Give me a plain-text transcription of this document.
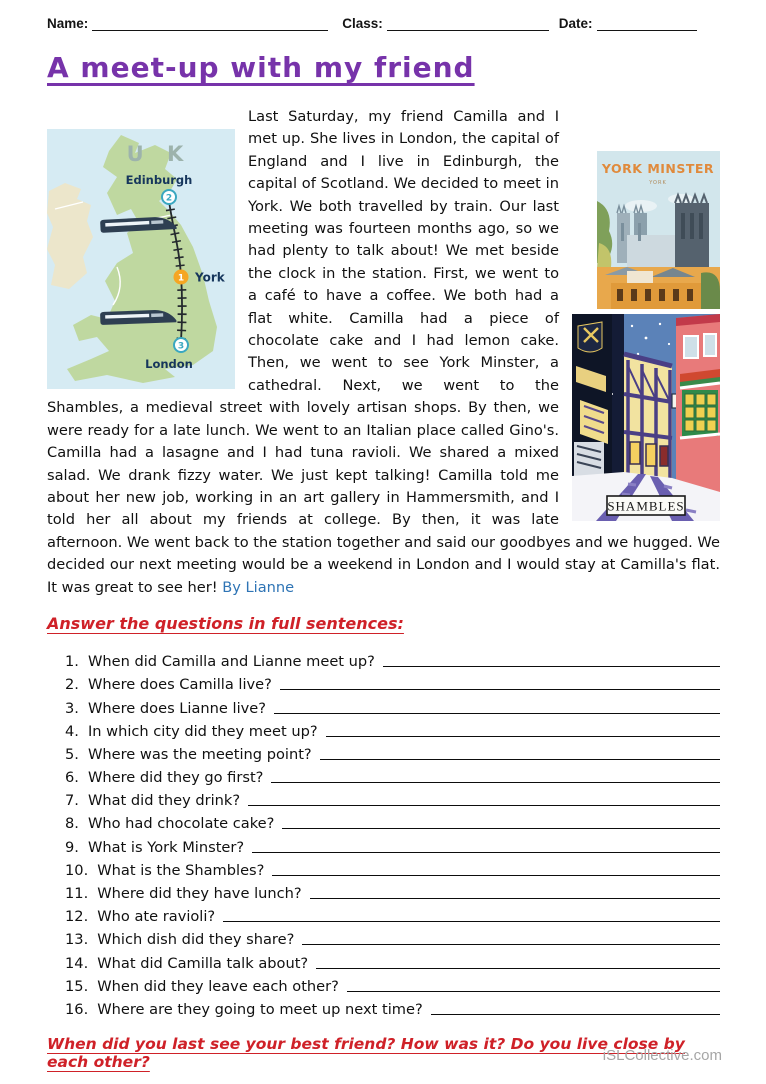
Name:	Class:	Date:
A meet-up with my friend
U K
Edinburgh
2
1 York
3
London
YORK MINSTER
YORK
SHAMBLES
Last Saturday, my friend Camilla and I met up. She lives in London, the capital of England and I live in Edinburgh, the capital of Scotland. We decided to meet in York. We both travelled by train. Our last meeting was fourteen months ago, so we had plenty to talk about! We met beside the clock in the station. First, we went to a café to have a coffee. We both had a flat white. Camilla had a piece of chocolate cake and I had lemon cake. Then, we went to see York Minster, a cathedral. Next, we went to the Shambles, a medieval street with lovely artisan shops. By then, we were ready for a late lunch. We went to an Italian place called Gino's. Camilla had a lasagne and I had tuna ravioli. We shared a mixed salad. We drank fizzy water. We just kept talking! Camilla told me about her new job, working in an art gallery in Hammersmith, and I told her all about my friends at college. By then, it was late afternoon. We went back to the station together and said our goodbyes and we hugged. We decided our next meeting would be a weekend in London and I would stay at Camilla's flat. It was great to see her! By Lianne
Answer the questions in full sentences:
1. When did Camilla and Lianne meet up?
2. Where does Camilla live?
3. Where does Lianne live?
4. In which city did they meet up?
5. Where was the meeting point?
6. Where did they go first?
7. What did they drink?
8. Who had chocolate cake?
9. What is York Minster?
10. What is the Shambles?
11. Where did they have lunch?
12. Who ate ravioli?
13. Which dish did they share?
14. What did Camilla talk about?
15. When did they leave each other?
16. Where are they going to meet up next time?
When did you last see your best friend? How was it? Do you live close by each other?	iSLCollective.com
